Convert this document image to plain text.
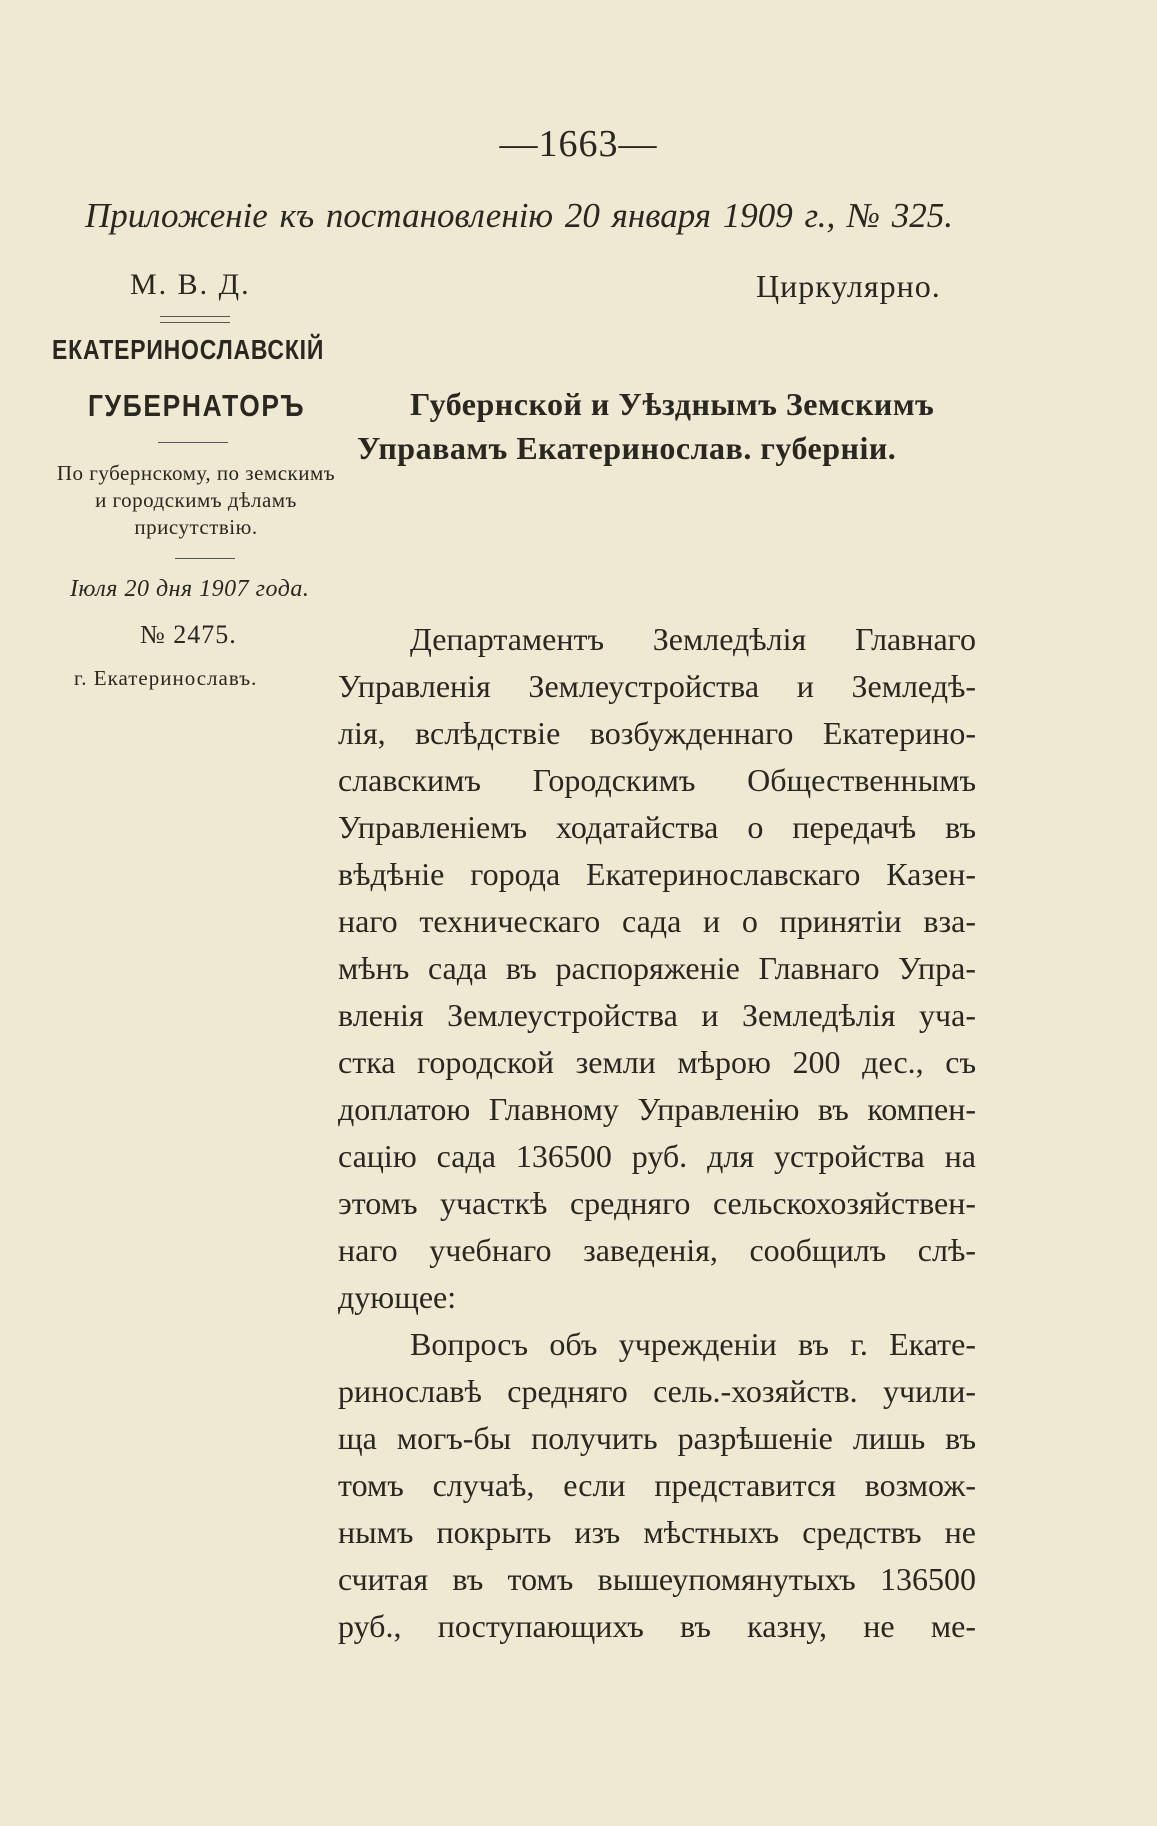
—1663—
Приложеніе къ постановленію 20 января 1909 г., № 325.
М. В. Д.	Циркулярно.
ЕКАТЕРИНОСЛАВСКІЙ
ГУБЕРНАТОРЪ	Губернской и Уѣзднымъ Земскимъ
Управамъ Екатеринослав. губерніи.
По губернскому, по земскимъ и городскимъ дѣламъ присутствію.
Іюля 20 дня 1907 года.
№ 2475.
г. Екатеринославъ.

Департаментъ Земледѣлія Главнаго

Управленія Землеустройства и Земледѣ-

лія, вслѣдствіе возбужденнаго Екатерино-

славскимъ Городскимъ Общественнымъ

Управленіемъ ходатайства о передачѣ въ

вѣдѣніе города Екатеринославскаго Казен-

наго техническаго сада и о принятіи вза-

мѣнъ сада въ распоряженіе Главнаго Упра-

вленія Землеустройства и Земледѣлія уча-

стка городской земли мѣрою 200 дес., съ

доплатою Главному Управленію въ компен-

сацію сада 136500 руб. для устройства на

этомъ участкѣ средняго сельскохозяйствен-

наго учебнаго заведенія, сообщилъ слѣ-

дующее:

Вопросъ объ учрежденіи въ г. Екате-

ринославѣ средняго сель.-хозяйств. учили-

ща могъ-бы получить разрѣшеніе лишь въ

томъ случаѣ, если представится возмож-

нымъ покрыть изъ мѣстныхъ средствъ не

считая въ томъ вышеупомянутыхъ 136500

руб., поступающихъ въ казну, не ме-
